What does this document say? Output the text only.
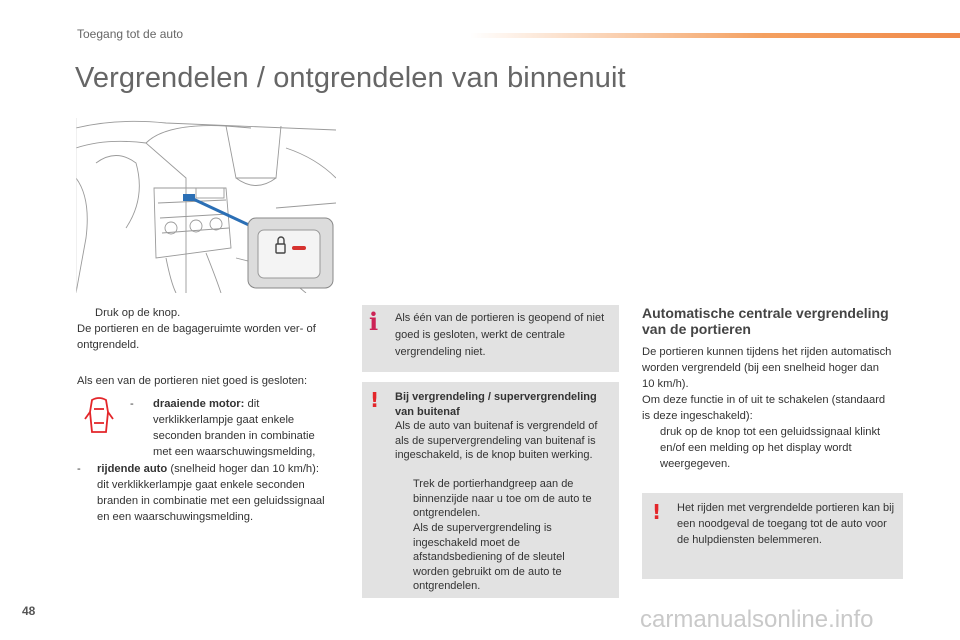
Toegang tot de auto
Vergrendelen / ontgrendelen van binnenuit
Druk op de knop.
De portieren en de bagageruimte worden ver- of ontgrendeld.
Als een van de portieren niet goed is gesloten:
-	draaiende motor: dit verklikkerlampje gaat enkele seconden branden in combinatie met een waarschuwingsmelding,
-	rijdende auto (snelheid hoger dan 10 km/h): dit verklikkerlampje gaat enkele seconden branden in combinatie met een geluidssignaal en een waarschuwingsmelding.
i Als één van de portieren is geopend of niet goed is gesloten, werkt de centrale vergrendeling niet.
! Bij vergrendeling / supervergrendeling van buitenaf
Als de auto van buitenaf is vergrendeld of als de supervergrendeling van buitenaf is ingeschakeld, is de knop buiten werking.
Trek de portierhandgreep aan de binnenzijde naar u toe om de auto te ontgrendelen.
Als de supervergrendeling is ingeschakeld moet de afstandsbediening of de sleutel worden gebruikt om de auto te ontgrendelen.
Automatische centrale vergrendeling van de portieren
De portieren kunnen tijdens het rijden automatisch worden vergrendeld (bij een snelheid hoger dan 10 km/h).
Om deze functie in of uit te schakelen (standaard is deze ingeschakeld):
druk op de knop tot een geluidssignaal klinkt en/of een melding op het display wordt weergegeven.
! Het rijden met vergrendelde portieren kan bij een noodgeval de toegang tot de auto voor de hulpdiensten belemmeren.
48	carmanualsonline.info
